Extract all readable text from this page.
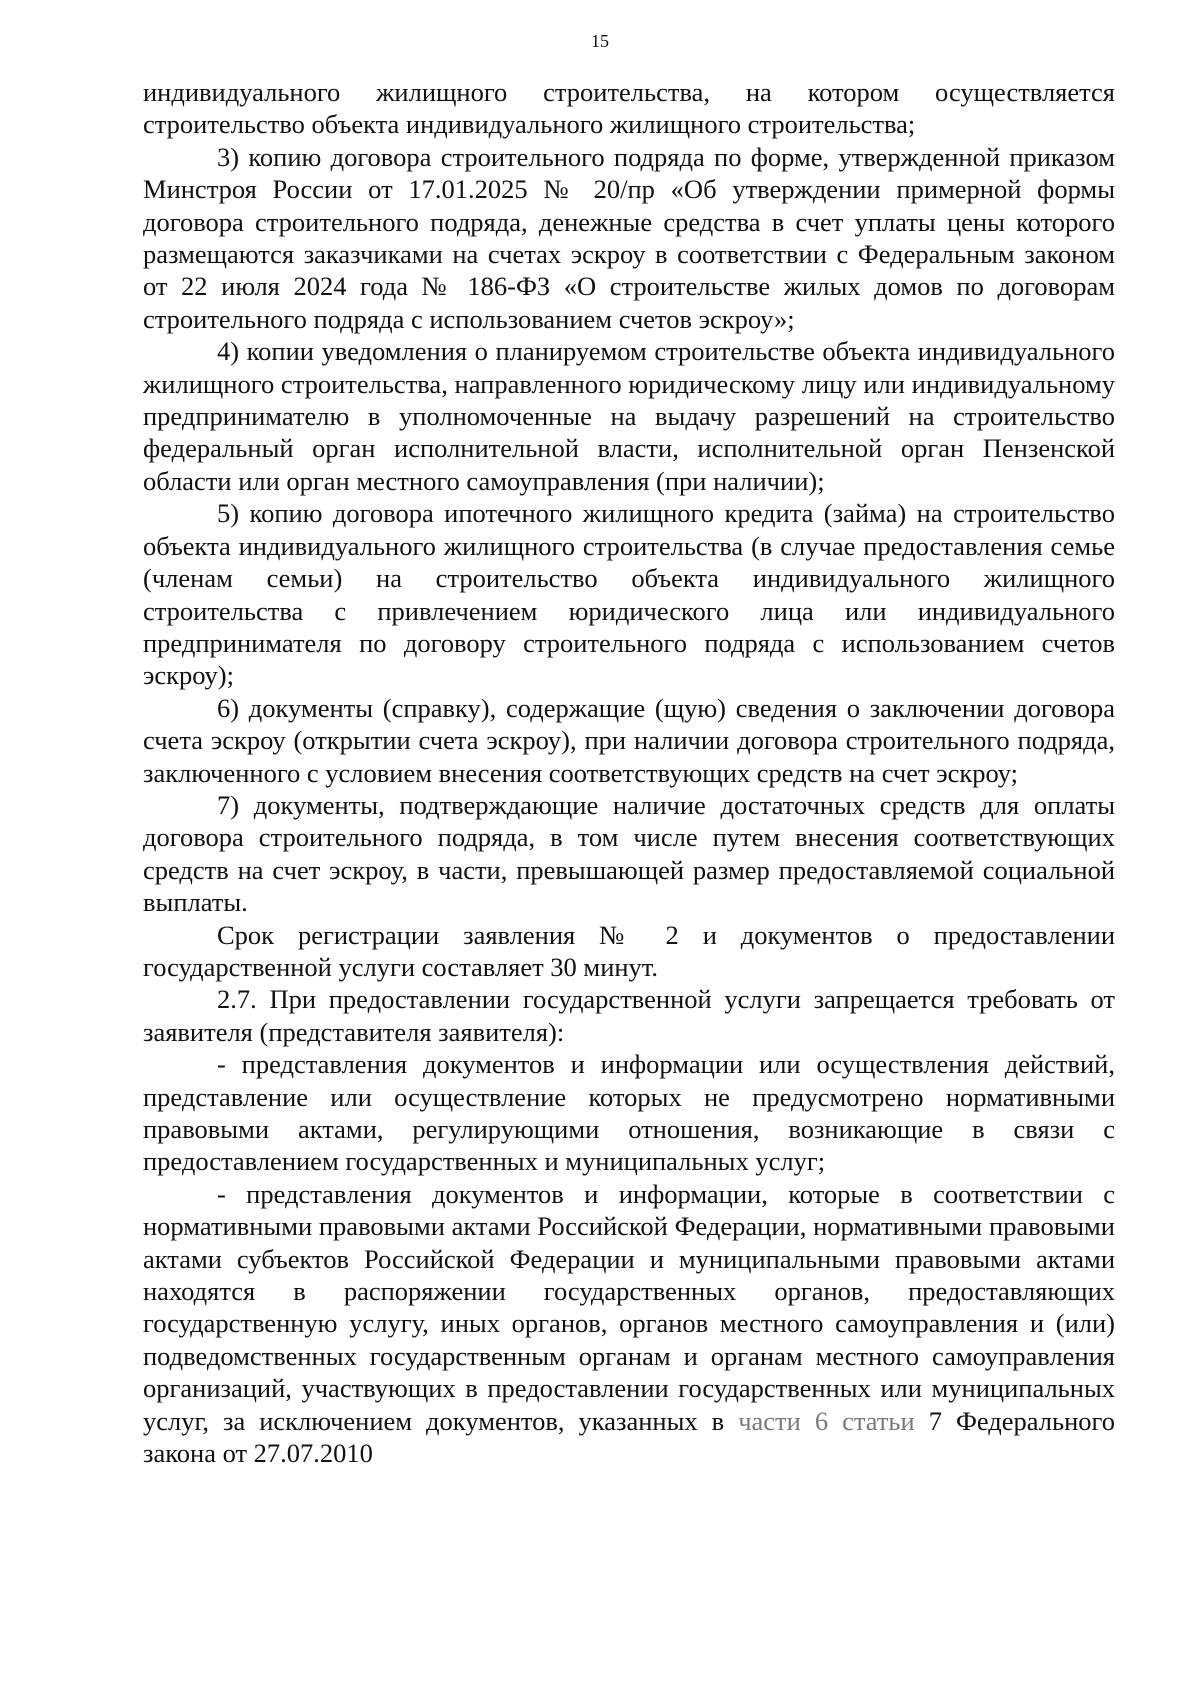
15

индивидуального жилищного строительства, на котором осуществляется строительство объекта индивидуального жилищного строительства;

3) копию договора строительного подряда по форме, утвержденной приказом Минстроя России от 17.01.2025 № 20/пр «Об утверждении примерной формы договора строительного подряда, денежные средства в счет уплаты цены которого размещаются заказчиками на счетах эскроу в соответствии с Федеральным законом от 22 июля 2024 года № 186-ФЗ «О строительстве жилых домов по договорам строительного подряда с использованием счетов эскроу»;

4) копии уведомления о планируемом строительстве объекта индивидуального жилищного строительства, направленного юридическому лицу или индивидуальному предпринимателю в уполномоченные на выдачу разрешений на строительство федеральный орган исполнительной власти, исполнительной орган Пензенской области или орган местного самоуправления (при наличии);

5) копию договора ипотечного жилищного кредита (займа) на строительство объекта индивидуального жилищного строительства (в случае предоставления семье (членам семьи) на строительство объекта индивидуального жилищного строительства с привлечением юридического лица или индивидуального предпринимателя по договору строительного подряда с использованием счетов эскроу);

6) документы (справку), содержащие (щую) сведения о заключении договора счета эскроу (открытии счета эскроу), при наличии договора строительного подряда, заключенного с условием внесения соответствующих средств на счет эскроу;

7) документы, подтверждающие наличие достаточных средств для оплаты договора строительного подряда, в том числе путем внесения соответствующих средств на счет эскроу, в части, превышающей размер предоставляемой социальной выплаты.

Срок регистрации заявления № 2 и документов о предоставлении государственной услуги составляет 30 минут.

2.7. При предоставлении государственной услуги запрещается требовать от заявителя (представителя заявителя):

- представления документов и информации или осуществления действий, представление или осуществление которых не предусмотрено нормативными правовыми актами, регулирующими отношения, возникающие в связи с предоставлением государственных и муниципальных услуг;

- представления документов и информации, которые в соответствии с нормативными правовыми актами Российской Федерации, нормативными правовыми актами субъектов Российской Федерации и муниципальными правовыми актами находятся в распоряжении государственных органов, предоставляющих государственную услугу, иных органов, органов местного самоуправления и (или) подведомственных государственным органам и органам местного самоуправления организаций, участвующих в предоставлении государственных или муниципальных услуг, за исключением документов, указанных в части 6 статьи 7 Федерального закона от 27.07.2010
